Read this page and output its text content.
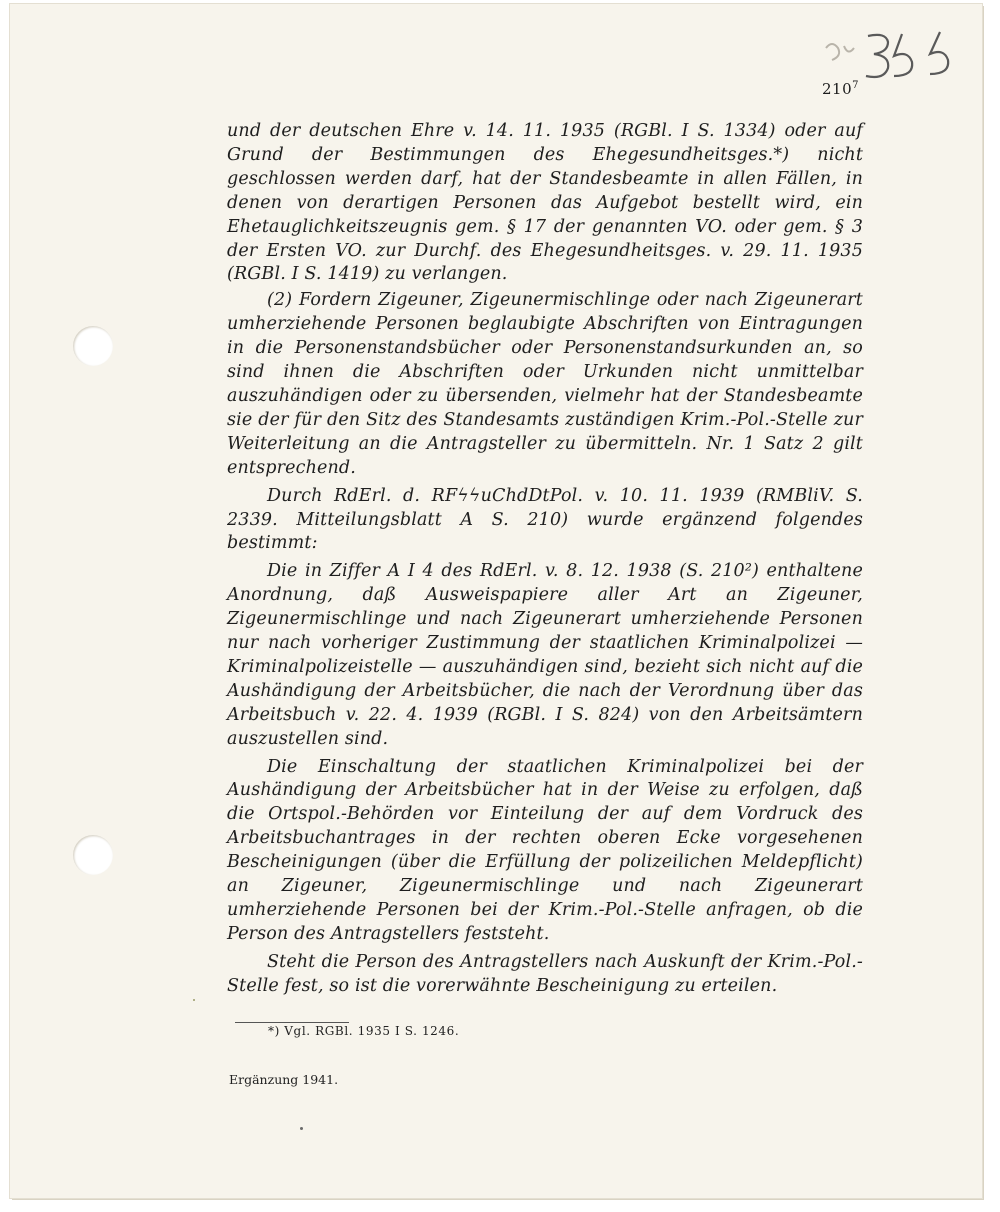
$210^7$

und der deutschen Ehre v. 14. 11. 1935 (RGBl. I S. 1334) oder auf Grund der Bestimmungen des Ehegesundheitsges.*) nicht geschlossen werden darf, hat der Standesbeamte in allen Fällen, in denen von derartigen Personen das Aufgebot bestellt wird, ein Ehetauglichkeitszeugnis gem. § 17 der genannten VO. oder gem. § 3 der Ersten VO. zur Durchf. des Ehegesundheitsges. v. 29. 11. 1935 (RGBl. I S. 1419) zu verlangen.

(2) Fordern Zigeuner, Zigeunermischlinge oder nach Zigeunerart umherziehende Personen beglaubigte Abschriften von Eintragungen in die Personenstandsbücher oder Personenstandsurkunden an, so sind ihnen die Abschriften oder Urkunden nicht unmittelbar auszuhändigen oder zu übersenden, vielmehr hat der Standesbeamte sie der für den Sitz des Standesamts zuständigen Krim.-Pol.-Stelle zur Weiterleitung an die Antragsteller zu übermitteln. Nr. 1 Satz 2 gilt entsprechend.

Durch RdErl. d. RFϟϟuChdDtPol. v. 10. 11. 1939 (RMBliV. S. 2339. Mitteilungsblatt A S. 210) wurde ergänzend folgendes bestimmt:

Die in Ziffer A I 4 des RdErl. v. 8. 12. 1938 (S. 210²) enthaltene Anordnung, daß Ausweispapiere aller Art an Zigeuner, Zigeunermischlinge und nach Zigeunerart umherziehende Personen nur nach vorheriger Zustimmung der staatlichen Kriminalpolizei — Kriminalpolizeistelle — auszuhändigen sind, bezieht sich nicht auf die Aushändigung der Arbeitsbücher, die nach der Verordnung über das Arbeitsbuch v. 22. 4. 1939 (RGBl. I S. 824) von den Arbeitsämtern auszustellen sind.

Die Einschaltung der staatlichen Kriminalpolizei bei der Aushändigung der Arbeitsbücher hat in der Weise zu erfolgen, daß die Ortspol.-Behörden vor Einteilung der auf dem Vordruck des Arbeitsbuchantrages in der rechten oberen Ecke vorgesehenen Bescheinigungen (über die Erfüllung der polizeilichen Meldepflicht) an Zigeuner, Zigeunermischlinge und nach Zigeunerart umherziehende Personen bei der Krim.-Pol.-Stelle anfragen, ob die Person des Antragstellers feststeht.

Steht die Person des Antragstellers nach Auskunft der Krim.-Pol.-Stelle fest, so ist die vorerwähnte Bescheinigung zu erteilen.

*) Vgl. RGBl. 1935 I S. 1246.
Ergänzung 1941.
